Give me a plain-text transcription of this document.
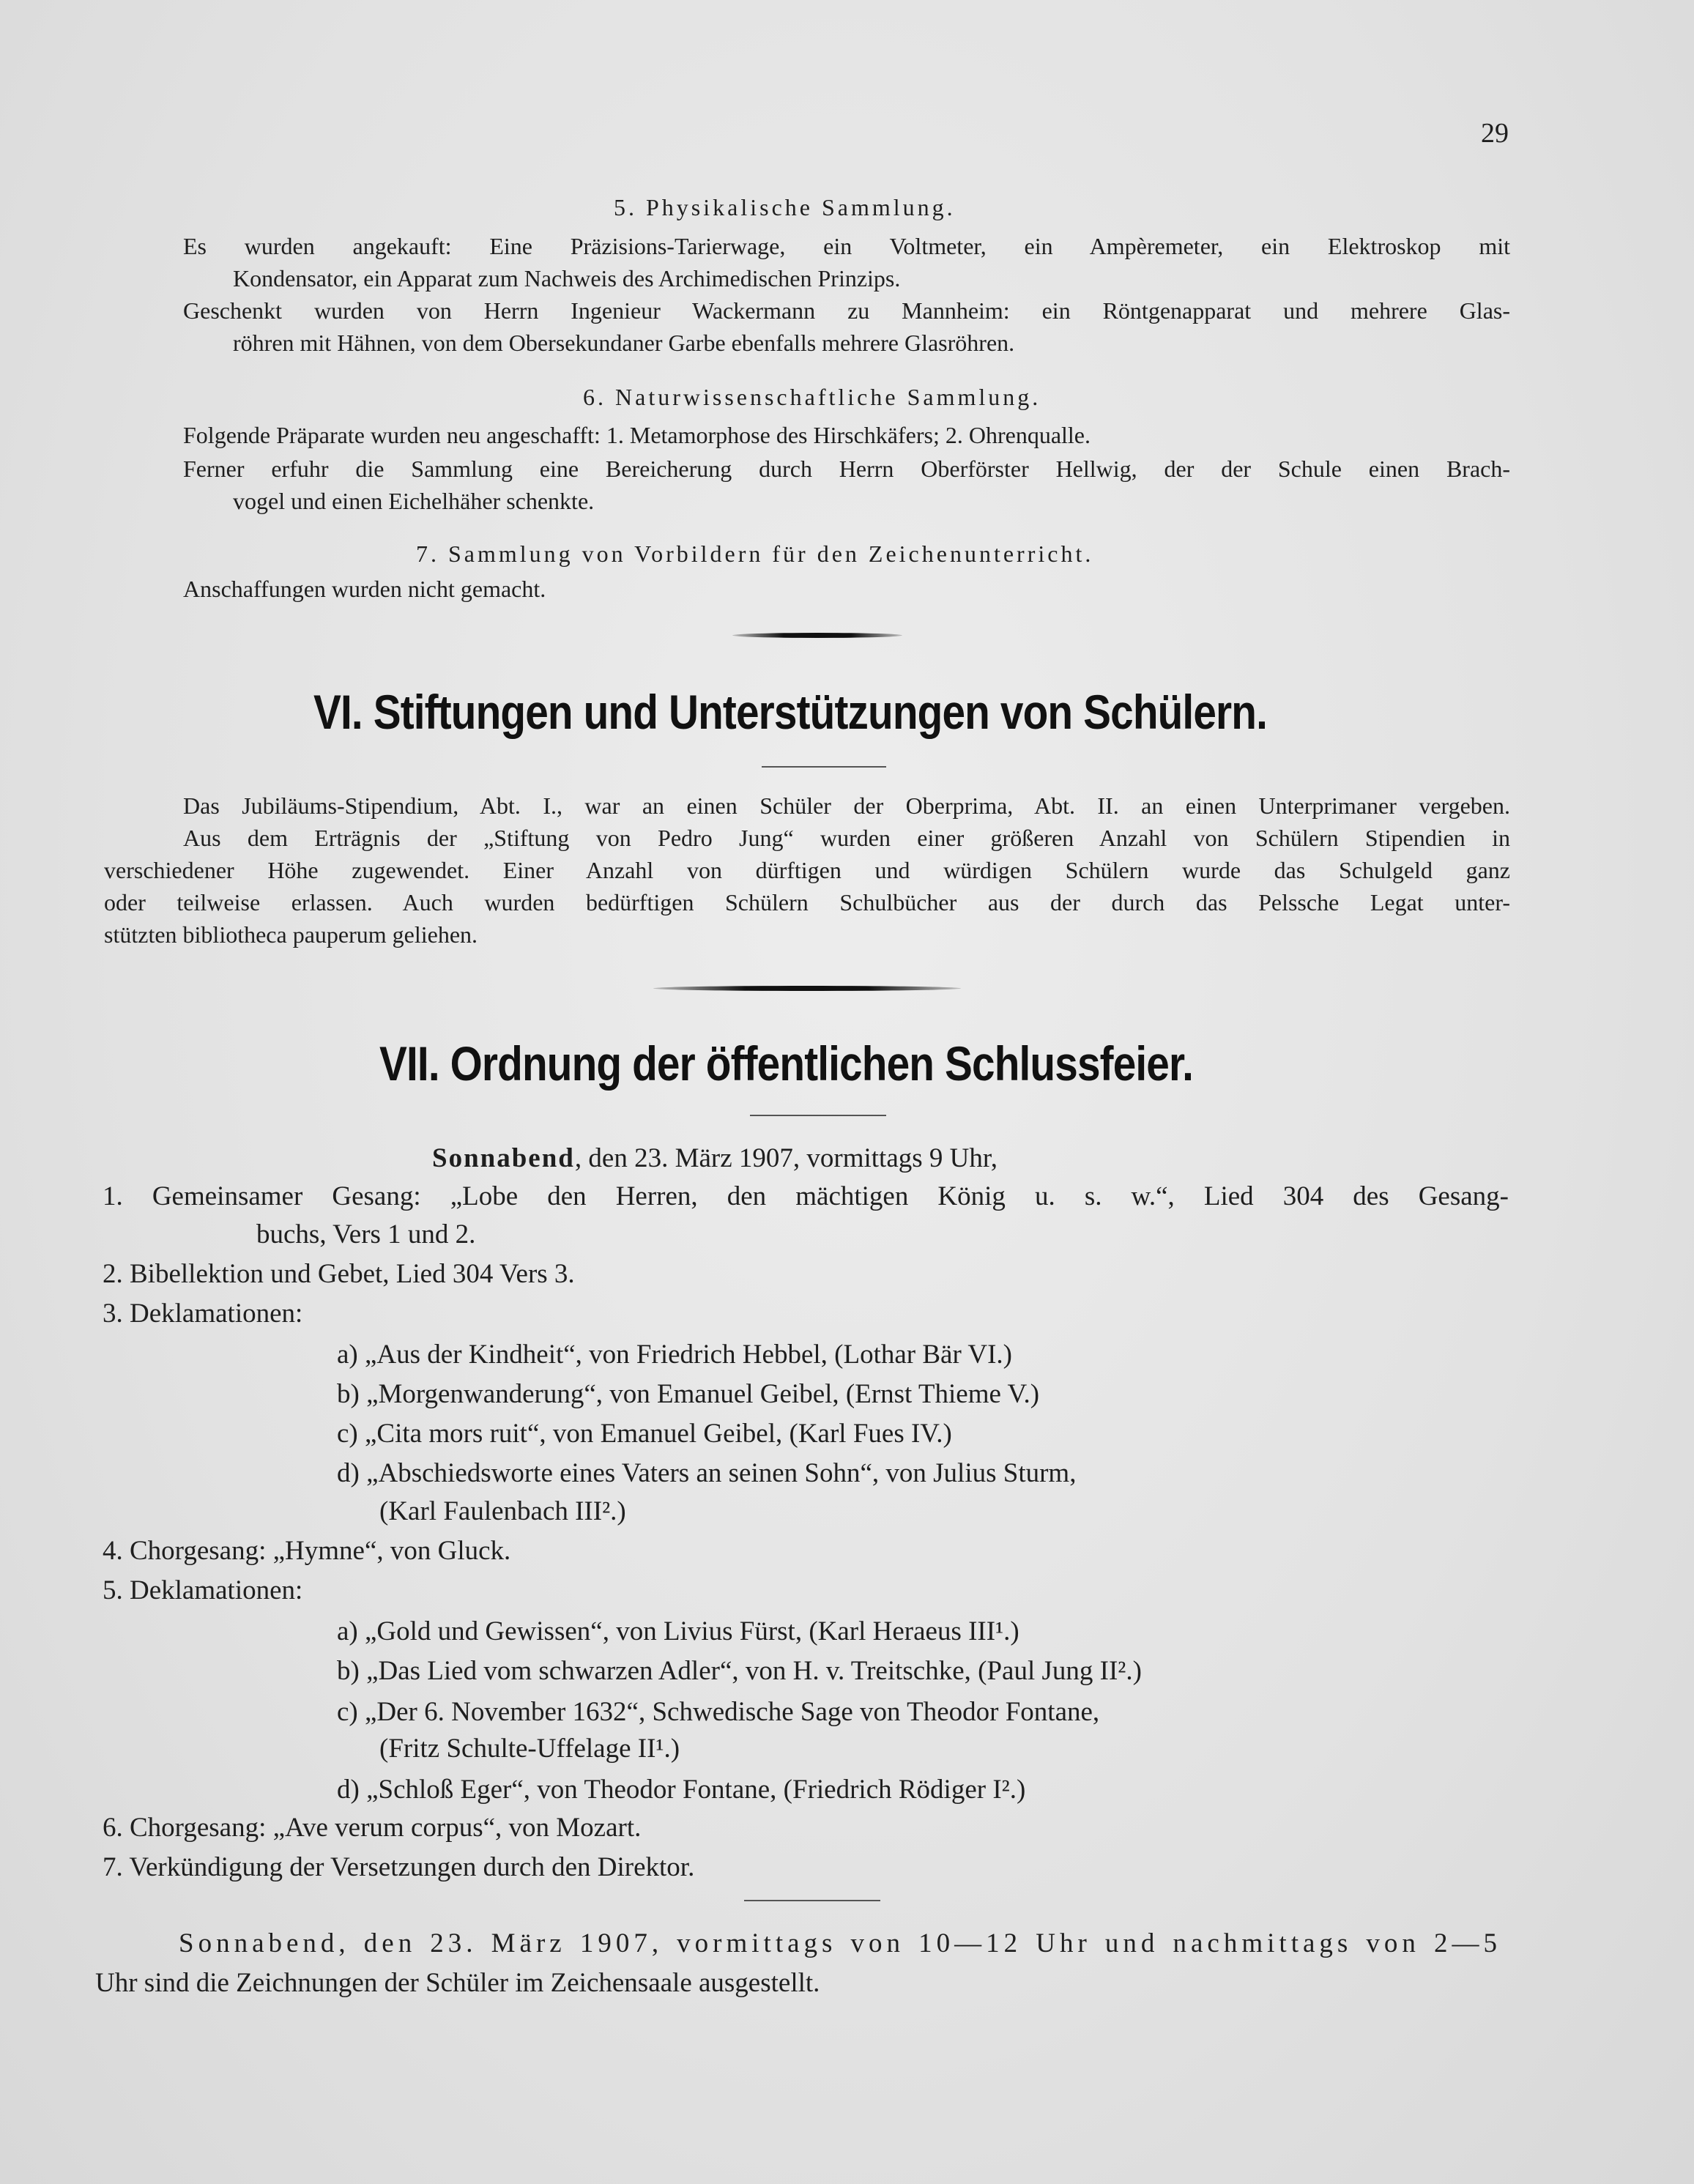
29
5. Physikalische Sammlung.
Es wurden angekauft: Eine Präzisions-Tarierwage, ein Voltmeter, ein Ampèremeter, ein Elektroskop mit
Kondensator, ein Apparat zum Nachweis des Archimedischen Prinzips.
Geschenkt wurden von Herrn Ingenieur Wackermann zu Mannheim: ein Röntgenapparat und mehrere Glas-
röhren mit Hähnen, von dem Obersekundaner Garbe ebenfalls mehrere Glasröhren.
6. Naturwissenschaftliche Sammlung.
Folgende Präparate wurden neu angeschafft: 1. Metamorphose des Hirschkäfers; 2. Ohrenqualle.
Ferner erfuhr die Sammlung eine Bereicherung durch Herrn Oberförster Hellwig, der der Schule einen Brach-
vogel und einen Eichelhäher schenkte.
7. Sammlung von Vorbildern für den Zeichenunterricht.
Anschaffungen wurden nicht gemacht.
VI. Stiftungen und Unterstützungen von Schülern.
Das Jubiläums-Stipendium, Abt. I., war an einen Schüler der Oberprima, Abt. II. an einen Unterprimaner vergeben.
Aus dem Erträgnis der „Stiftung von Pedro Jung“ wurden einer größeren Anzahl von Schülern Stipendien in
verschiedener Höhe zugewendet. Einer Anzahl von dürftigen und würdigen Schülern wurde das Schulgeld ganz
oder teilweise erlassen. Auch wurden bedürftigen Schülern Schulbücher aus der durch das Pelssche Legat unter-
stützten bibliotheca pauperum geliehen.
VII. Ordnung der öffentlichen Schlussfeier.
Sonnabend, den 23. März 1907, vormittags 9 Uhr,
1. Gemeinsamer Gesang: „Lobe den Herren, den mächtigen König u. s. w.“, Lied 304 des Gesang-
buchs, Vers 1 und 2.
2. Bibellektion und Gebet, Lied 304 Vers 3.
3. Deklamationen:
a) „Aus der Kindheit“, von Friedrich Hebbel, (Lothar Bär VI.)
b) „Morgenwanderung“, von Emanuel Geibel, (Ernst Thieme V.)
c) „Cita mors ruit“, von Emanuel Geibel, (Karl Fues IV.)
d) „Abschiedsworte eines Vaters an seinen Sohn“, von Julius Sturm,
(Karl Faulenbach III².)
4. Chorgesang: „Hymne“, von Gluck.
5. Deklamationen:
a) „Gold und Gewissen“, von Livius Fürst, (Karl Heraeus III¹.)
b) „Das Lied vom schwarzen Adler“, von H. v. Treitschke, (Paul Jung II².)
c) „Der 6. November 1632“, Schwedische Sage von Theodor Fontane,
(Fritz Schulte-Uffelage II¹.)
d) „Schloß Eger“, von Theodor Fontane, (Friedrich Rödiger I².)
6. Chorgesang: „Ave verum corpus“, von Mozart.
7. Verkündigung der Versetzungen durch den Direktor.
Sonnabend, den 23. März 1907, vormittags von 10—12 Uhr und nachmittags von 2—5
Uhr sind die Zeichnungen der Schüler im Zeichensaale ausgestellt.
